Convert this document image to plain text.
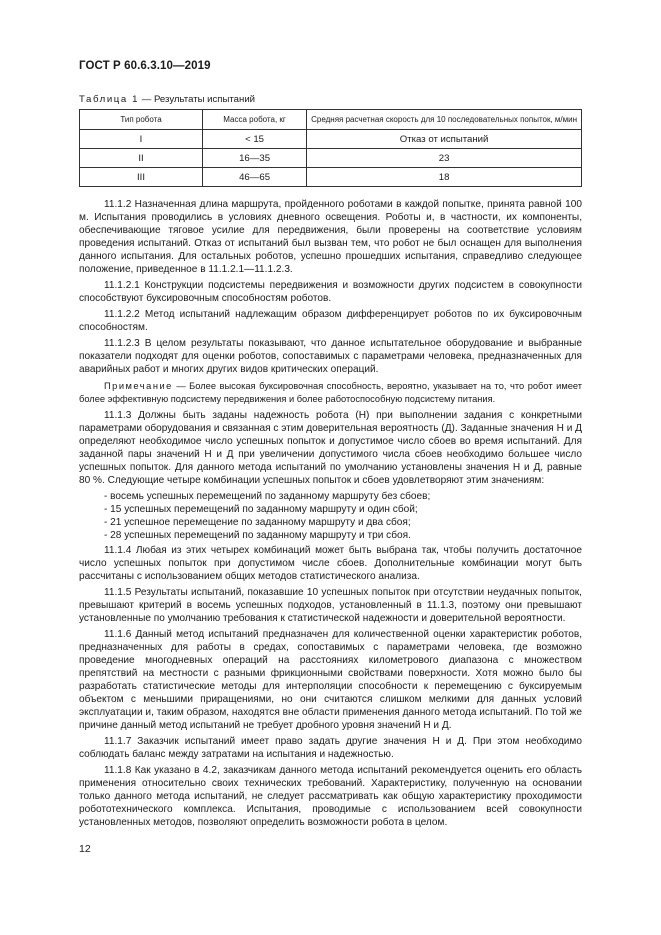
ГОСТ Р 60.6.3.10—2019
Таблица 1 — Результаты испытаний
Тип робота	Масса робота, кг	Средняя расчетная скорость для 10 последовательных попыток, м/мин
I	< 15	Отказ от испытаний
II	16—35	23
III	46—65	18

11.1.2 Назначенная длина маршрута, пройденного роботами в каждой попытке, принята равной 100 м. Испытания проводились в условиях дневного освещения. Роботы и, в частности, их компоненты, обеспечивающие тяговое усилие для передвижения, были проверены на соответствие условиям проведения испытаний. Отказ от испытаний был вызван тем, что робот не был оснащен для выполнения данного испытания. Для остальных роботов, успешно прошедших испытания, справедливо следующее положение, приведенное в 11.1.2.1—11.1.2.3.

11.1.2.1 Конструкции подсистемы передвижения и возможности других подсистем в совокупности способствуют буксировочным способностям роботов.

11.1.2.2 Метод испытаний надлежащим образом дифференцирует роботов по их буксировочным способностям.

11.1.2.3 В целом результаты показывают, что данное испытательное оборудование и выбранные показатели подходят для оценки роботов, сопоставимых с параметрами человека, предназначенных для аварийных работ и многих других видов критических операций.

Примечание — Более высокая буксировочная способность, вероятно, указывает на то, что робот имеет более эффективную подсистему передвижения и более работоспособную подсистему питания.

11.1.3 Должны быть заданы надежность робота (Н) при выполнении задания с конкретными параметрами оборудования и связанная с этим доверительная вероятность (Д). Заданные значения Н и Д определяют необходимое число успешных попыток и допустимое число сбоев во время испытаний. Для заданной пары значений Н и Д при увеличении допустимого числа сбоев необходимо большее число успешных попыток. Для данного метода испытаний по умолчанию установлены значения Н и Д, равные 80 %. Следующие четыре комбинации успешных попыток и сбоев удовлетворяют этим значениям:

- восемь успешных перемещений по заданному маршруту без сбоев;
- 15 успешных перемещений по заданному маршруту и один сбой;
- 21 успешное перемещение по заданному маршруту и два сбоя;
- 28 успешных перемещений по заданному маршруту и три сбоя.

11.1.4 Любая из этих четырех комбинаций может быть выбрана так, чтобы получить достаточное число успешных попыток при допустимом числе сбоев. Дополнительные комбинации могут быть рассчитаны с использованием общих методов статистического анализа.

11.1.5 Результаты испытаний, показавшие 10 успешных попыток при отсутствии неудачных попыток, превышают критерий в восемь успешных подходов, установленный в 11.1.3, поэтому они превышают установленные по умолчанию требования к статистической надежности и доверительной вероятности.

11.1.6 Данный метод испытаний предназначен для количественной оценки характеристик роботов, предназначенных для работы в средах, сопоставимых с параметрами человека, где возможно проведение многодневных операций на расстояниях километрового диапазона с множеством препятствий на местности с разными фрикционными свойствами поверхности. Хотя можно было бы разработать статистические методы для интерполяции способности к перемещению с буксируемым объектом с меньшими приращениями, но они считаются слишком мелкими для данных условий эксплуатации и, таким образом, находятся вне области применения данного метода испытаний. По той же причине данный метод испытаний не требует дробного уровня значений Н и Д.

11.1.7 Заказчик испытаний имеет право задать другие значения Н и Д. При этом необходимо соблюдать баланс между затратами на испытания и надежностью.

11.1.8 Как указано в 4.2, заказчикам данного метода испытаний рекомендуется оценить его область применения относительно своих технических требований. Характеристику, полученную на основании только данного метода испытаний, не следует рассматривать как общую характеристику проходимости робототехнического комплекса. Испытания, проводимые с использованием всей совокупности установленных методов, позволяют определить возможности робота в целом.

12
